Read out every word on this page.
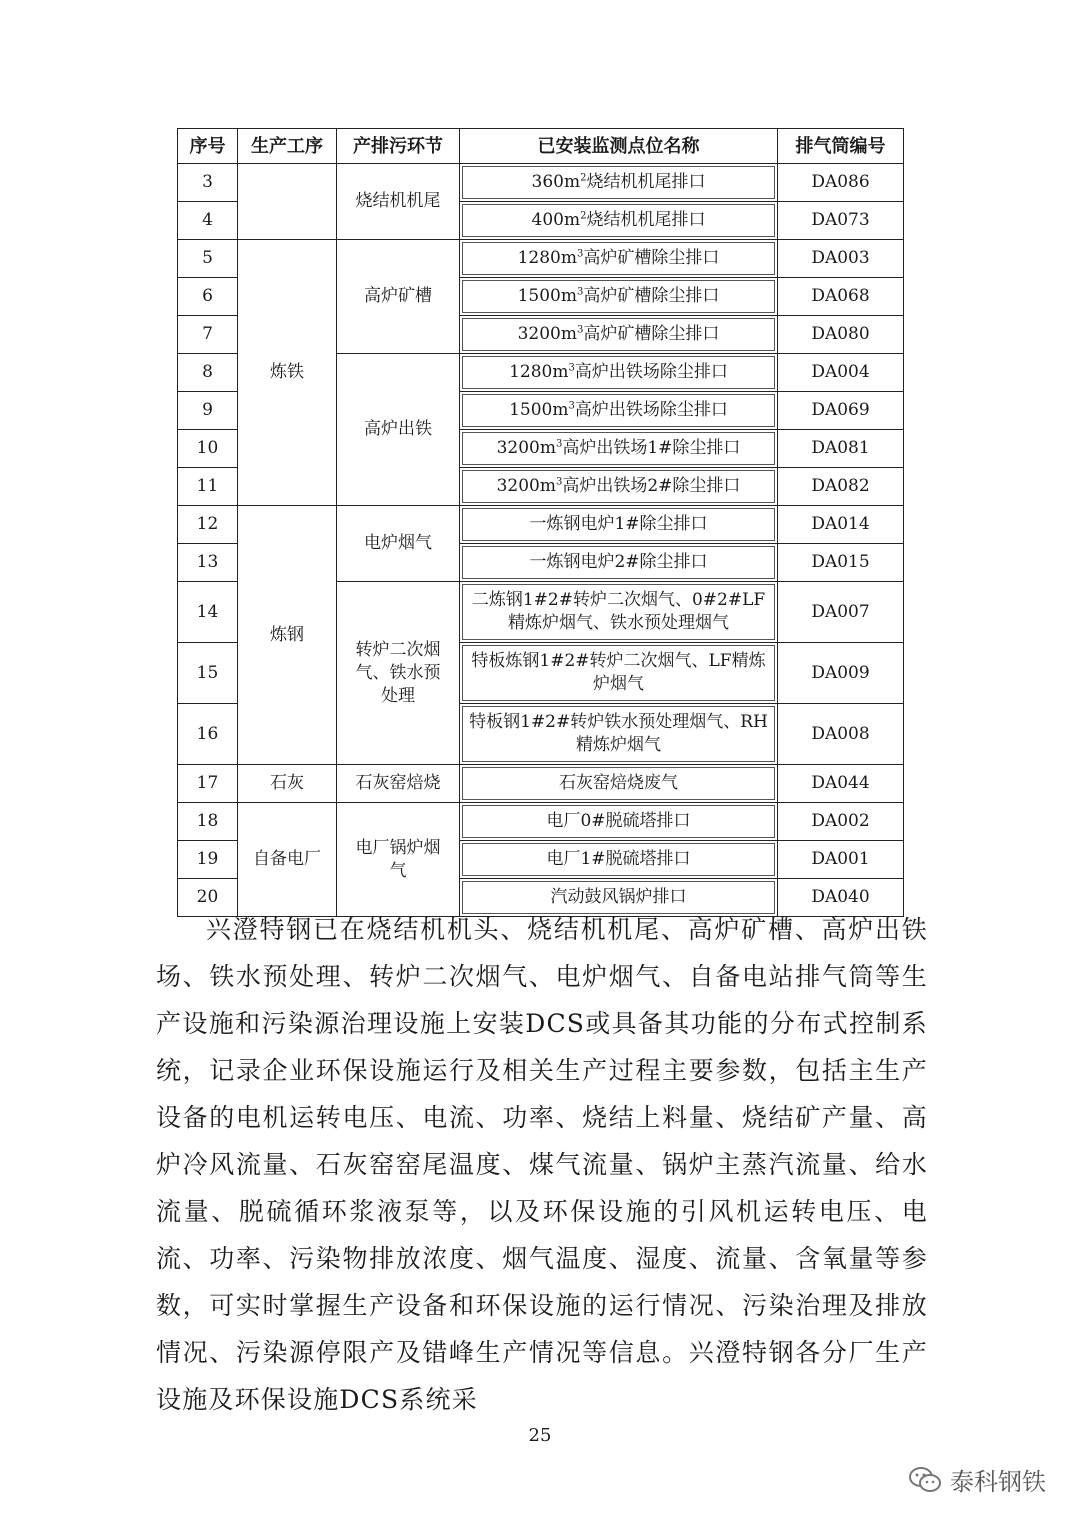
序号	生产工序	产排污环节	已安装监测点位名称	排气筒编号
3		烧结机机尾	$360m^2$烧结机机尾排口	DA086
4			$400m^2$烧结机机尾排口	DA073
5	炼铁	高炉矿槽	$1280m^3$高炉矿槽除尘排口	DA003
6			$1500m^3$高炉矿槽除尘排口	DA068
7			$3200m^3$高炉矿槽除尘排口	DA080
8		高炉出铁	$1280m^3$高炉出铁场除尘排口	DA004
9			$1500m^3$高炉出铁场除尘排口	DA069
10			$3200m^3$高炉出铁场1#除尘排口	DA081
11			$3200m^3$高炉出铁场2#除尘排口	DA082
12	炼钢	电炉烟气	一炼钢电炉1#除尘排口	DA014
13			一炼钢电炉2#除尘排口	DA015
14		转炉二次烟气、铁水预处理	二炼钢1#2#转炉二次烟气、0#2#LF精炼炉烟气、铁水预处理烟气	DA007
15			特板炼钢1#2#转炉二次烟气、LF精炼炉烟气	DA009
16			特板钢1#2#转炉铁水预处理烟气、RH精炼炉烟气	DA008
17	石灰	石灰窑焙烧	石灰窑焙烧废气	DA044
18	自备电厂	电厂锅炉烟气	电厂0#脱硫塔排口	DA002
19			电厂1#脱硫塔排口	DA001
20			汽动鼓风锅炉排口	DA040

兴澄特钢已在烧结机机头、烧结机机尾、高炉矿槽、高炉出铁场、铁水预处理、转炉二次烟气、电炉烟气、自备电站排气筒等生产设施和污染源治理设施上安装DCS或具备其功能的分布式控制系统，记录企业环保设施运行及相关生产过程主要参数，包括主生产设备的电机运转电压、电流、功率、烧结上料量、烧结矿产量、高炉冷风流量、石灰窑窑尾温度、煤气流量、锅炉主蒸汽流量、给水流量、脱硫循环浆液泵等，以及环保设施的引风机运转电压、电流、功率、污染物排放浓度、烟气温度、湿度、流量、含氧量等参数，可实时掌握生产设备和环保设施的运行情况、污染治理及排放情况、污染源停限产及错峰生产情况等信息。兴澄特钢各分厂生产设施及环保设施DCS系统采

25
泰科钢铁
